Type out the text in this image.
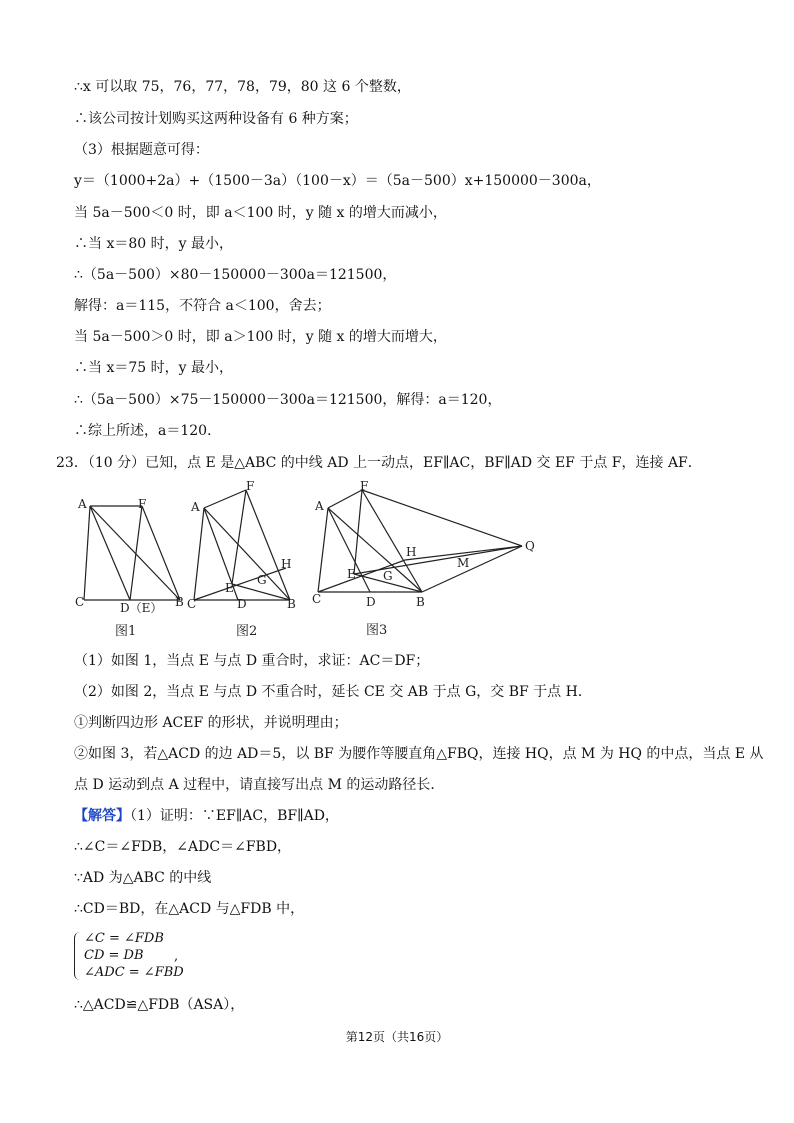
∴x 可以取 75，76，77，78，79，80 这 6 个整数，
∴该公司按计划购买这两种设备有 6 种方案；
（3）根据题意可得：
y＝（1000+2a）+（1500－3a）（100－x）＝（5a－500）x+150000－300a，
当 5a－500＜0 时，即 a＜100 时，y 随 x 的增大而减小，
∴当 x＝80 时，y 最小，
∴（5a－500）×80－150000－300a＝121500，
解得：a＝115，不符合 a＜100，舍去；
当 5a－500＞0 时，即 a＞100 时，y 随 x 的增大而增大，
∴当 x＝75 时，y 最小，
∴（5a－500）×75－150000－300a＝121500，解得：a＝120，
∴综上所述，a＝120．
23．（10 分）已知，点 E 是△ABC 的中线 AD 上一动点，EF∥AC，BF∥AD 交 EF 于点 F，连接 AF．
A	F
C	D（E） B
图1
A
F
H
G
E
C	D	B
图2
A
F
H
M
Q
E G
C	D	B
图3
（1）如图 1，当点 E 与点 D 重合时，求证：AC＝DF；
（2）如图 2，当点 E 与点 D 不重合时，延长 CE 交 AB 于点 G，交 BF 于点 H．
①判断四边形 ACEF 的形状，并说明理由；
②如图 3，若△ACD 的边 AD＝5，以 BF 为腰作等腰直角△FBQ，连接 HQ，点 M 为 HQ 的中点，当点 E 从
点 D 运动到点 A 过程中，请直接写出点 M 的运动路径长．
【解答】（1）证明：∵EF∥AC，BF∥AD，
∴∠C＝∠FDB，∠ADC＝∠FBD，
∵AD 为△ABC 的中线
∴CD＝BD，在△ACD 与△FDB 中，
∠C = ∠FDB
CD = DB
∠ADC = ∠FBD
,
∴△ACD≌△FDB（ASA），
第12页（共16页）
